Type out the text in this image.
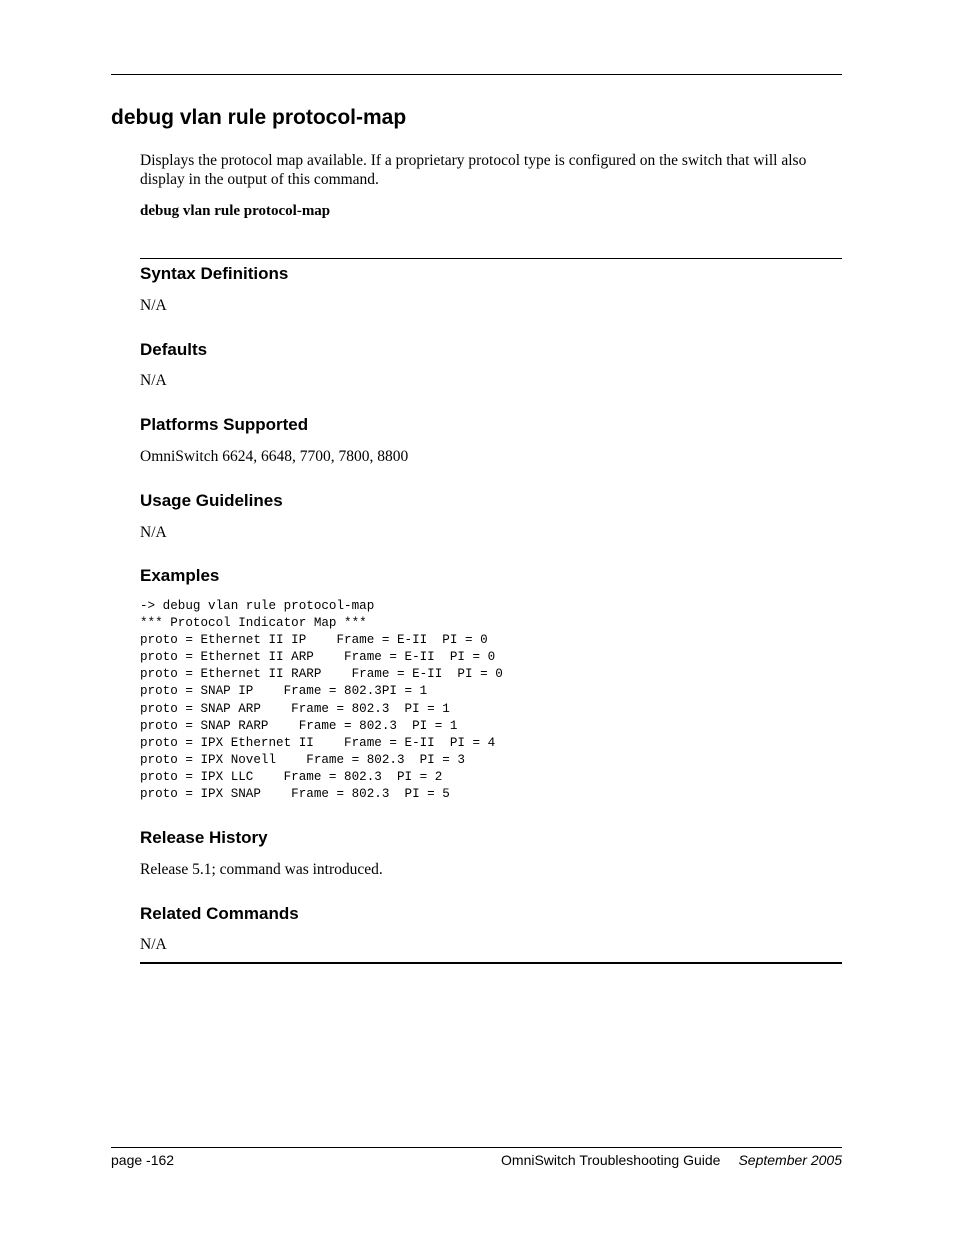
debug vlan rule protocol-map

Displays the protocol map available. If a proprietary protocol type is configured on the switch that will also display in the output of this command.

debug vlan rule protocol-map

Syntax Definitions

N/A

Defaults

N/A

Platforms Supported

OmniSwitch 6624, 6648, 7700, 7800, 8800

Usage Guidelines

N/A

Examples
-> debug vlan rule protocol-map
*** Protocol Indicator Map ***
proto = Ethernet II IP    Frame = E-II  PI = 0
proto = Ethernet II ARP    Frame = E-II  PI = 0
proto = Ethernet II RARP    Frame = E-II  PI = 0
proto = SNAP IP    Frame = 802.3PI = 1
proto = SNAP ARP    Frame = 802.3  PI = 1
proto = SNAP RARP    Frame = 802.3  PI = 1
proto = IPX Ethernet II    Frame = E-II  PI = 4
proto = IPX Novell    Frame = 802.3  PI = 3
proto = IPX LLC    Frame = 802.3  PI = 2
proto = IPX SNAP    Frame = 802.3  PI = 5
Release History

Release 5.1; command was introduced.

Related Commands

N/A

page -162	OmniSwitch Troubleshooting Guide September 2005
